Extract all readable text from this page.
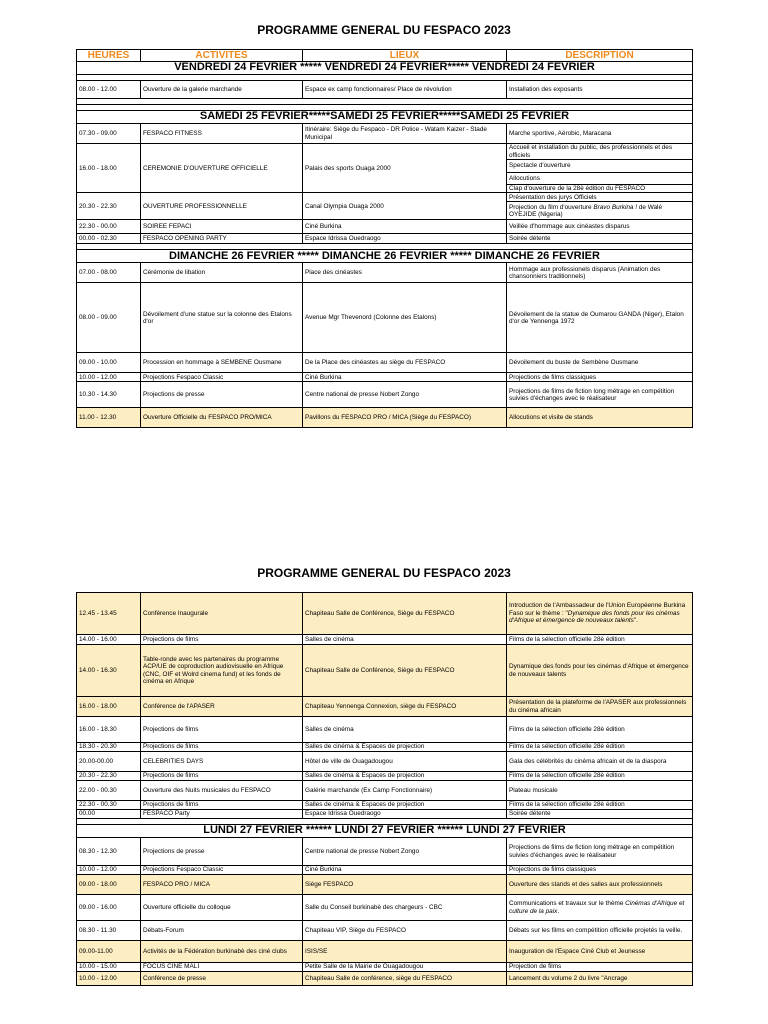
PROGRAMME GENERAL DU FESPACO 2023
HEURES	ACTIVITES	LIEUX	DESCRIPTION
VENDREDI 24 FEVRIER ***** VENDREDI 24 FEVRIER***** VENDREDI 24 FEVRIER			

08.00 - 12.00	Ouverture de la galerie marchande	Espace ex camp fonctionnaires/ Place de révolution	Installation des exposants

SAMEDI 25 FEVRIER*****SAMEDI 25 FEVRIER*****SAMEDI 25 FEVRIER			
07.30 - 09.00	FESPACO FITNESS	Itinéraire: Siège du Fespaco - DR Police - Watam Kaizer - Stade Municipal	Marche sportive, Aérobic, Maracana
16.00 - 18.00	CEREMONIE D'OUVERTURE OFFICIELLE	Palais des sports Ouaga 2000	Accueil et installation du public, des professionnels et des officiels
			Spectacle d'ouverture
			Allocutions
			Clap d'ouverture de la 28è édition du FESPACO
20.30 - 22.30	OUVERTURE PROFESSIONNELLE	Canal Olympia Ouaga 2000	Présentation des jurys Officiels
			Projection du film d'ouverture Bravo Burkina ! de Walé OYEJIDE (Nigeria)
22.30 - 00.00	SOIREE FEPACI	Ciné Burkina	Veillée d'hommage aux cinéastes disparus
00.00 - 02.30	FESPACO OPENING PARTY	Espace Idrissa Ouedraogo	Soirée détente

DIMANCHE 26 FEVRIER ***** DIMANCHE 26 FEVRIER ***** DIMANCHE 26 FEVRIER			
07.00 - 08.00	Cérémonie de libation	Place des cinéastes	Hommage aux professionels disparus (Animation des chansonniers traditionnels)
08.00 - 09.00	Dévoilement d'une statue sur la colonne des Etalons d'or	Avenue Mgr Thevenord (Colonne des Etalons)	Dévoilement de la statue de Oumarou GANDA (Niger), Etalon d'or de Yennenga 1972
09.00 - 10.00	Procession en hommage à SEMBENE Ousmane	De la Place des cinéastes au siège du FESPACO	Dévoilement du buste de Sembène Ousmane
10.00 - 12.00	Projections Fespaco Classic	Ciné Burkina	Projections de films classiques
10.30 - 14.30	Projections de presse	Centre national de presse Nobert Zongo	Projections de films de fiction long métrage en compétition suivies d'échanges avec le réalisateur
11.00 - 12.30	Ouverture Officielle du FESPACO PRO/MICA	Pavillons du FESPACO PRO / MICA (Siège du FESPACO)	Allocutions et visite de stands
PROGRAMME GENERAL DU FESPACO 2023
12.45 - 13.45	Conférence Inaugurale	Chapiteau Salle de Conférence, Siège du FESPACO	Introduction de l'Ambassadeur de l'Union Européenne Burkina Faso sur le thème : "Dynamique des fonds pour les cinémas d'Afrique et émergence de nouveaux talents".
14.00 - 16.00	Projections de films	Salles de cinéma	Films de la sélection officielle 28è édition
14.00 - 16.30	Table-ronde avec les partenaires du programme ACP/UE de coproduction audiovisuelle en Afrique (CNC, OIF et Wolrd cinema fund) et les fonds de cinéma en Afrique	Chapiteau Salle de Conférence, Siège du FESPACO	Dynamique des fonds pour les cinémas d'Afrique et émergence de nouveaux talents
16.00 - 18.00	Conférence de l'APASER	Chapiteau Yennenga Connexion, siège du FESPACO	Présentation de la plateforme de l'APASER aux professionnels du cinéma africain
16.00 - 18.30	Projections de films	Salles de cinéma	Films de la sélection officielle 28è édition
18.30 - 20.30	Projections de films	Salles de cinéma & Espaces de projection	Films de la sélection officielle 28è édition
20.00-00.00	CELEBRITIES DAYS	Hôtel de ville de Ouagadougou	Gala des célébrités du cinéma africain et de la diaspora
20.30 - 22.30	Projections de films	Salles de cinéma & Espaces de projection	Films de la sélection officielle 28è édition
22.00 - 00.30	Ouverture des Nuits musicales du FESPACO	Galérie marchande (Ex Camp Fonctionnaire)	Plateau musicale
22.30 - 00.30	Projections de films	Salles de cinéma & Espaces de projection	Films de la sélection officielle 28è édition
00.00	FESPACO Party	Espace Idrissa Ouedraogo	Soirée détente

LUNDI 27 FEVRIER ****** LUNDI 27 FEVRIER ****** LUNDI 27 FEVRIER			
08.30 - 12.30	Projections de presse	Centre national de presse Nobert Zongo	Projections de films de fiction long métrage en compétition suivies d'échanges avec le réalisateur
10.00 - 12.00	Projections Fespaco Classic	Ciné Burkina	Projections de films classiques
09.00 - 18.00	FESPACO PRO / MICA	Siège FESPACO	Ouverture des stands et des salles aux professionnels
09.00 - 16.00	Ouverture officielle du colloque	Salle du Conseil burkinabè des chargeurs - CBC	Communications et travaux sur le thème Cinémas d'Afrique et culture de la paix.
08.30 - 11.30	Débats-Forum	Chapiteau VIP, Siège du FESPACO	Débats sur les films en compétition officielle projetés la veille.
09.00-11.00	Activités de la Fédération burkinabè des ciné clubs	ISIS/SE	Inauguration de l'Espace Ciné Club et Jeunesse
10.00 - 15.00	FOCUS CINE MALI	Petite Salle de la Mairie de Ouagadougou	Projection de films
10.00 - 12.00	Conférence de presse	Chapiteau Salle de conférence, siège du FESPACO	Lancement du volume 2 du livre "Ancrage
